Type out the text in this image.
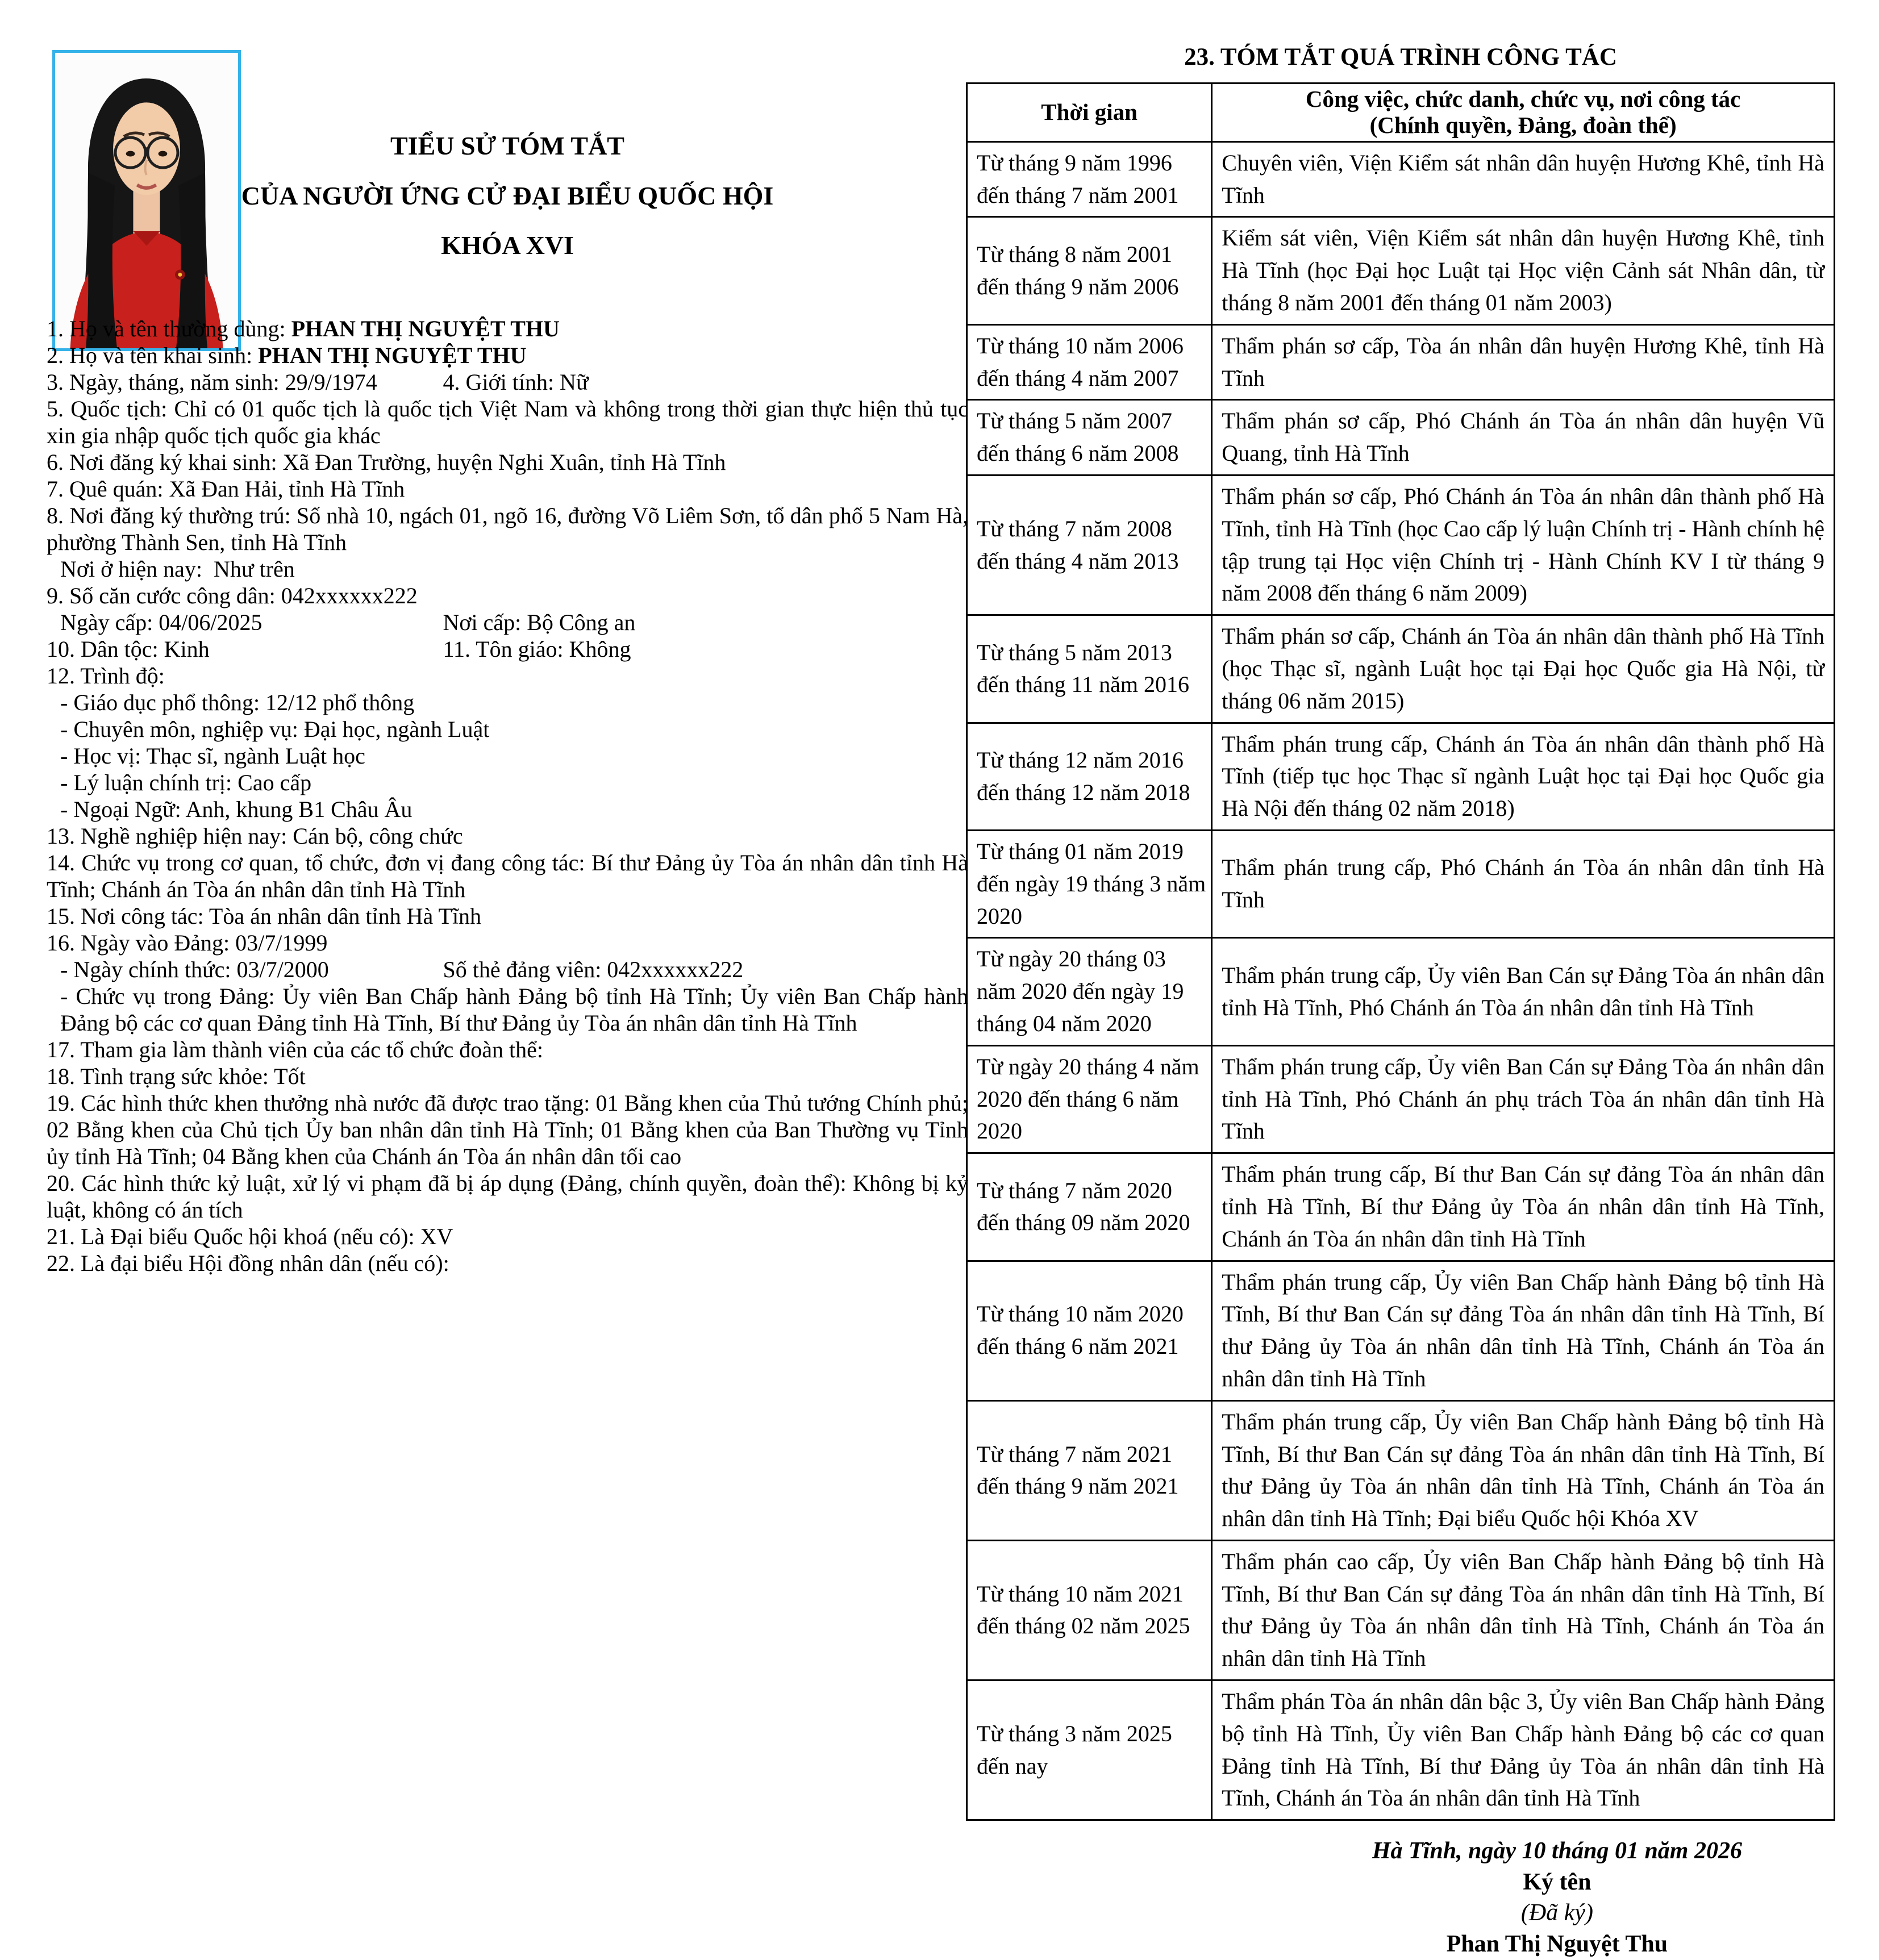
TIỂU SỬ TÓM TẮT
CỦA NGƯỜI ỨNG CỬ ĐẠI BIỂU QUỐC HỘI
KHÓA XVI
1. Họ và tên thường dùng: PHAN THỊ NGUYỆT THU
2. Họ và tên khai sinh: PHAN THỊ NGUYỆT THU
3. Ngày, tháng, năm sinh: 29/9/1974	4. Giới tính: Nữ
5. Quốc tịch: Chỉ có 01 quốc tịch là quốc tịch Việt Nam và không trong thời gian thực hiện thủ tục xin gia nhập quốc tịch quốc gia khác
6. Nơi đăng ký khai sinh: Xã Đan Trường, huyện Nghi Xuân, tỉnh Hà Tĩnh
7. Quê quán: Xã Đan Hải, tỉnh Hà Tĩnh
8. Nơi đăng ký thường trú: Số nhà 10, ngách 01, ngõ 16, đường Võ Liêm Sơn, tổ dân phố 5 Nam Hà, phường Thành Sen, tỉnh Hà Tĩnh
Nơi ở hiện nay:  Như trên
9. Số căn cước công dân: 042xxxxxx222
Ngày cấp: 04/06/2025	Nơi cấp: Bộ Công an
10. Dân tộc: Kinh	11. Tôn giáo: Không
12. Trình độ:
- Giáo dục phổ thông: 12/12 phổ thông
- Chuyên môn, nghiệp vụ: Đại học, ngành Luật
- Học vị: Thạc sĩ, ngành Luật học
- Lý luận chính trị: Cao cấp
- Ngoại Ngữ: Anh, khung B1 Châu Âu
13. Nghề nghiệp hiện nay: Cán bộ, công chức
14. Chức vụ trong cơ quan, tổ chức, đơn vị đang công tác: Bí thư Đảng ủy Tòa án nhân dân tỉnh Hà Tĩnh; Chánh án Tòa án nhân dân tỉnh Hà Tĩnh
15. Nơi công tác: Tòa án nhân dân tỉnh Hà Tĩnh
16. Ngày vào Đảng: 03/7/1999
- Ngày chính thức: 03/7/2000	Số thẻ đảng viên: 042xxxxxx222
- Chức vụ trong Đảng: Ủy viên Ban Chấp hành Đảng bộ tỉnh Hà Tĩnh; Ủy viên Ban Chấp hành Đảng bộ các cơ quan Đảng tỉnh Hà Tĩnh, Bí thư Đảng ủy Tòa án nhân dân tỉnh Hà Tĩnh
17. Tham gia làm thành viên của các tổ chức đoàn thể:
18. Tình trạng sức khỏe: Tốt
19. Các hình thức khen thưởng nhà nước đã được trao tặng: 01 Bằng khen của Thủ tướng Chính phủ; 02 Bằng khen của Chủ tịch Ủy ban nhân dân tỉnh Hà Tĩnh; 01 Bằng khen của Ban Thường vụ Tỉnh ủy tỉnh Hà Tĩnh; 04 Bằng khen của Chánh án Tòa án nhân dân tối cao
20. Các hình thức kỷ luật, xử lý vi phạm đã bị áp dụng (Đảng, chính quyền, đoàn thể): Không bị kỷ luật, không có án tích
21. Là Đại biểu Quốc hội khoá (nếu có): XV
22. Là đại biểu Hội đồng nhân dân (nếu có):
23. TÓM TẮT QUÁ TRÌNH CÔNG TÁC
Thời gian	Công việc, chức danh, chức vụ, nơi công tác
(Chính quyền, Đảng, đoàn thể)

Từ tháng 9 năm 1996 đến tháng 7 năm 2001	Chuyên viên, Viện Kiểm sát nhân dân huyện Hương Khê, tỉnh Hà Tĩnh
Từ tháng 8 năm 2001 đến tháng 9 năm 2006	Kiểm sát viên, Viện Kiểm sát nhân dân huyện Hương Khê, tỉnh Hà Tĩnh (học Đại học Luật tại Học viện Cảnh sát Nhân dân, từ tháng 8 năm 2001 đến tháng 01 năm 2003)
Từ tháng 10 năm 2006 đến tháng 4 năm 2007	Thẩm phán sơ cấp, Tòa án nhân dân huyện Hương Khê, tỉnh Hà Tĩnh
Từ tháng 5 năm 2007 đến tháng 6 năm 2008	Thẩm phán sơ cấp, Phó Chánh án Tòa án nhân dân huyện Vũ Quang, tỉnh Hà Tĩnh
Từ tháng 7 năm 2008 đến tháng 4 năm 2013	Thẩm phán sơ cấp, Phó Chánh án Tòa án nhân dân thành phố Hà Tĩnh, tỉnh Hà Tĩnh (học Cao cấp lý luận Chính trị - Hành chính hệ tập trung tại Học viện Chính trị - Hành Chính KV I từ tháng 9 năm 2008 đến tháng 6 năm 2009)
Từ tháng 5 năm 2013 đến tháng 11 năm 2016	Thẩm phán sơ cấp, Chánh án Tòa án nhân dân thành phố Hà Tĩnh (học Thạc sĩ, ngành Luật học tại Đại học Quốc gia Hà Nội, từ tháng 06 năm 2015)
Từ tháng 12 năm 2016 đến tháng 12 năm 2018	Thẩm phán trung cấp, Chánh án Tòa án nhân dân thành phố Hà Tĩnh (tiếp tục học Thạc sĩ ngành Luật học tại Đại học Quốc gia Hà Nội đến tháng 02 năm 2018)
Từ tháng 01 năm 2019 đến ngày 19 tháng 3 năm 2020	Thẩm phán trung cấp, Phó Chánh án Tòa án nhân dân tỉnh Hà Tĩnh
Từ ngày 20 tháng 03 năm 2020 đến ngày 19 tháng 04 năm 2020	Thẩm phán trung cấp, Ủy viên Ban Cán sự Đảng Tòa án nhân dân tỉnh Hà Tĩnh, Phó Chánh án Tòa án nhân dân tỉnh Hà Tĩnh
Từ ngày 20 tháng 4 năm 2020 đến tháng 6 năm 2020	Thẩm phán trung cấp, Ủy viên Ban Cán sự Đảng Tòa án nhân dân tỉnh Hà Tĩnh, Phó Chánh án phụ trách Tòa án nhân dân tỉnh Hà Tĩnh
Từ tháng 7 năm 2020 đến tháng 09 năm 2020	Thẩm phán trung cấp, Bí thư Ban Cán sự đảng Tòa án nhân dân tỉnh Hà Tĩnh, Bí thư Đảng ủy Tòa án nhân dân tỉnh Hà Tĩnh, Chánh án Tòa án nhân dân tỉnh Hà Tĩnh
Từ tháng 10 năm 2020 đến tháng 6 năm 2021	Thẩm phán trung cấp, Ủy viên Ban Chấp hành Đảng bộ tỉnh Hà Tĩnh, Bí thư Ban Cán sự đảng Tòa án nhân dân tỉnh Hà Tĩnh, Bí thư Đảng ủy Tòa án nhân dân tỉnh Hà Tĩnh, Chánh án Tòa án nhân dân tỉnh Hà Tĩnh
Từ tháng 7 năm 2021 đến tháng 9 năm 2021	Thẩm phán trung cấp, Ủy viên Ban Chấp hành Đảng bộ tỉnh Hà Tĩnh, Bí thư Ban Cán sự đảng Tòa án nhân dân tỉnh Hà Tĩnh, Bí thư Đảng ủy Tòa án nhân dân tỉnh Hà Tĩnh, Chánh án Tòa án nhân dân tỉnh Hà Tĩnh; Đại biểu Quốc hội Khóa XV
Từ tháng 10 năm 2021 đến tháng 02 năm 2025	Thẩm phán cao cấp, Ủy viên Ban Chấp hành Đảng bộ tỉnh Hà Tĩnh, Bí thư Ban Cán sự đảng Tòa án nhân dân tỉnh Hà Tĩnh, Bí thư Đảng ủy Tòa án nhân dân tỉnh Hà Tĩnh, Chánh án Tòa án nhân dân tỉnh Hà Tĩnh
Từ tháng 3 năm 2025 đến nay	Thẩm phán Tòa án nhân dân bậc 3, Ủy viên Ban Chấp hành Đảng bộ tỉnh Hà Tĩnh, Ủy viên Ban Chấp hành Đảng bộ các cơ quan Đảng tỉnh Hà Tĩnh, Bí thư Đảng ủy Tòa án nhân dân tỉnh Hà Tĩnh, Chánh án Tòa án nhân dân tỉnh Hà Tĩnh
Hà Tĩnh, ngày 10 tháng 01 năm 2026
Ký tên
(Đã ký)
Phan Thị Nguyệt Thu
